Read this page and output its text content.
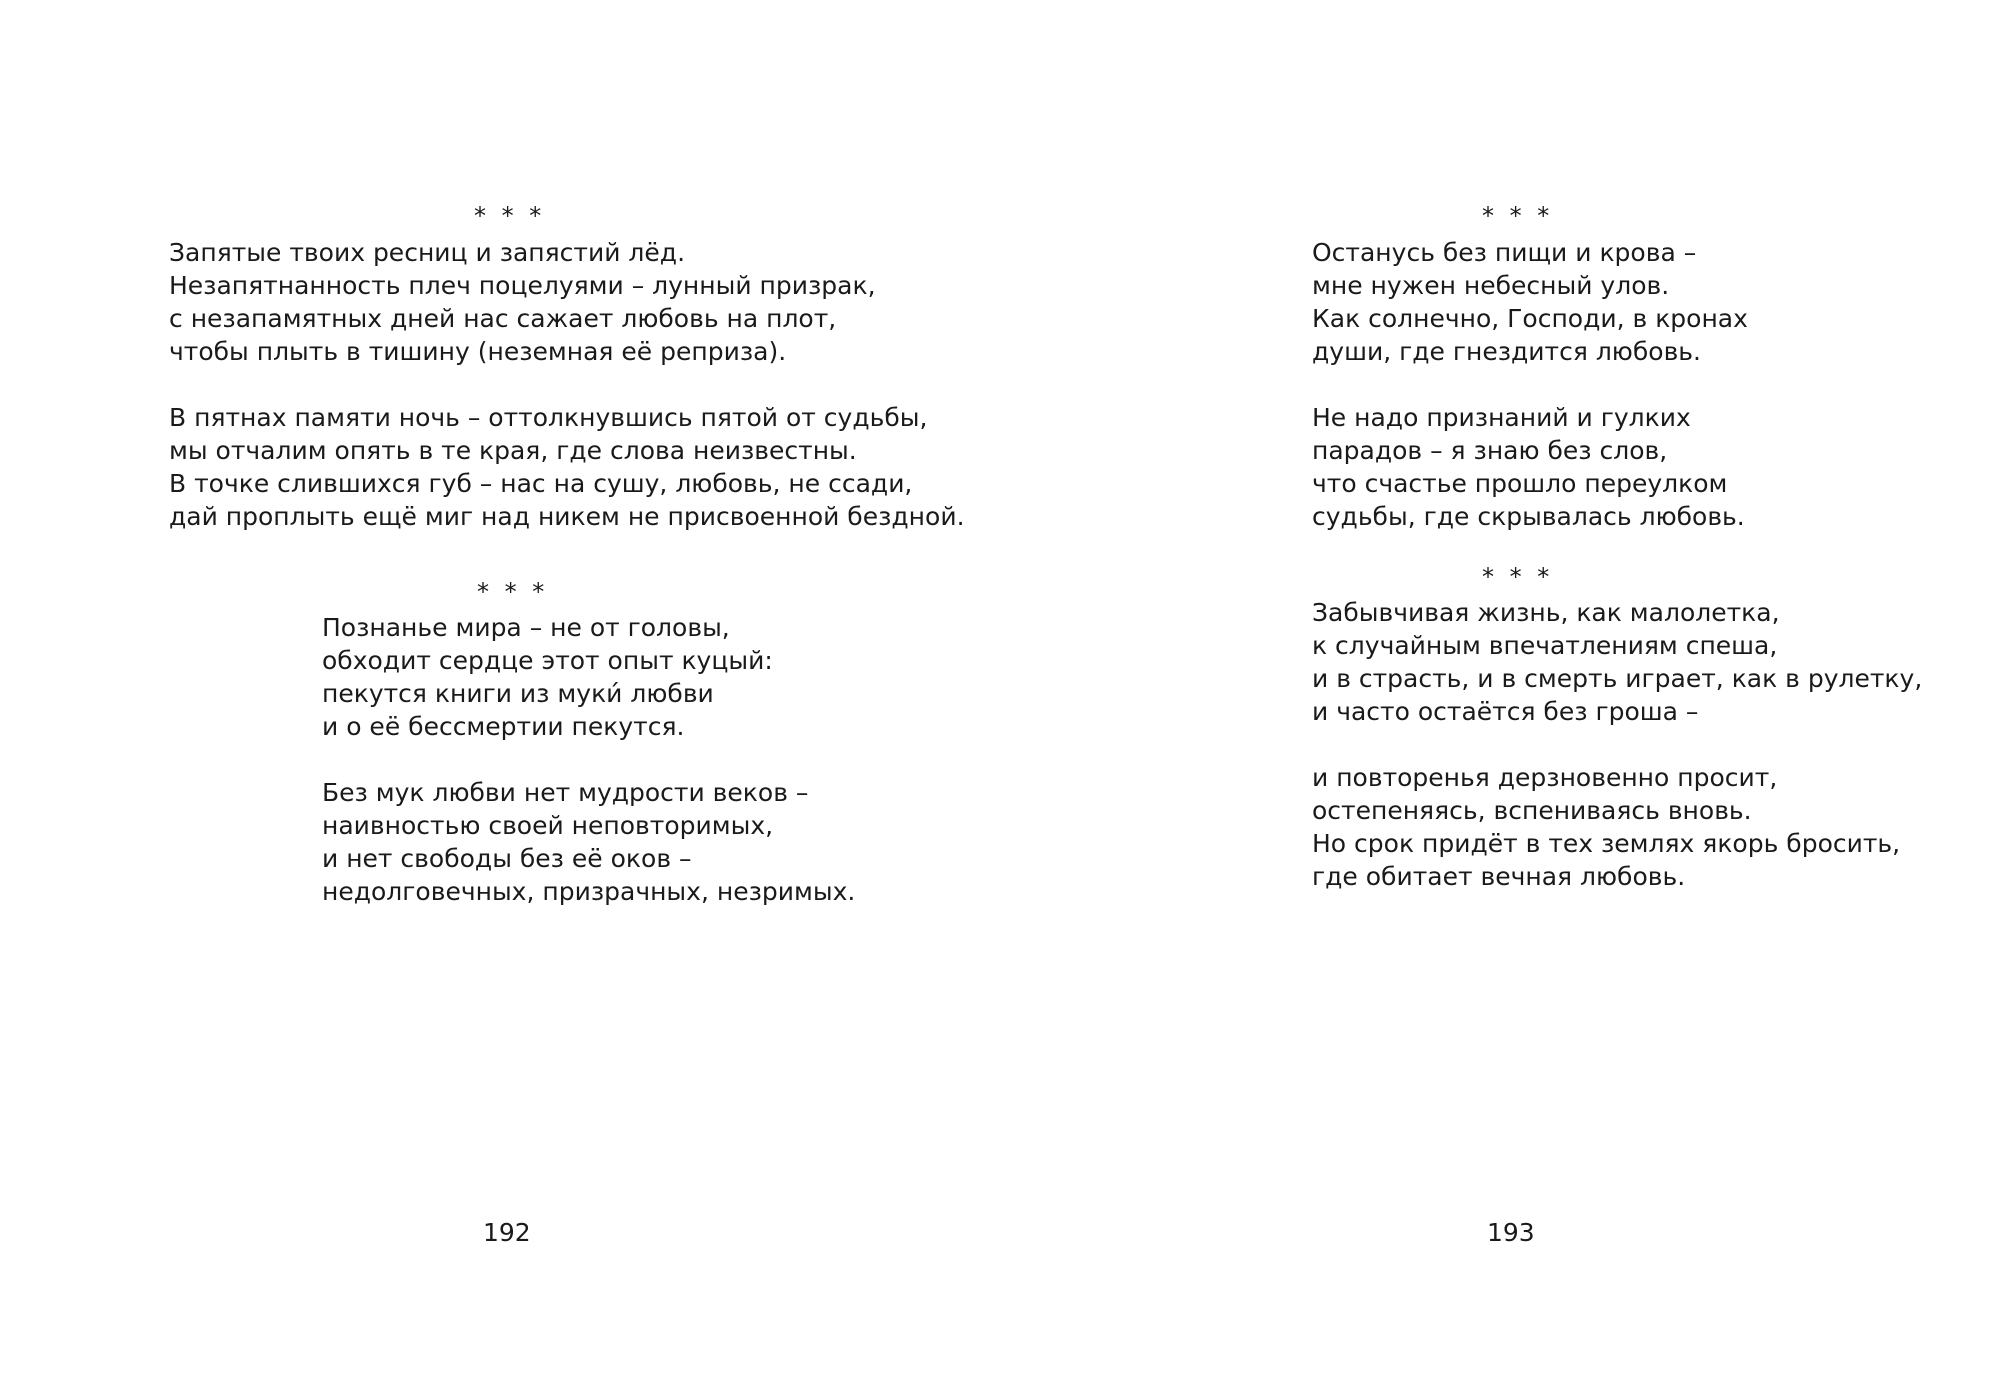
* * *
Запятые твоих ресниц и запястий лёд.
Незапятнанность плеч поцелуями – лунный призрак,
с незапамятных дней нас сажает любовь на плот,
чтобы плыть в тишину (неземная её реприза).
В пятнах памяти ночь – оттолкнувшись пятой от судьбы,
мы отчалим опять в те края, где слова неизвестны.
В точке слившихся губ – нас на сушу, любовь, не ссади,
дай проплыть ещё миг над никем не присвоенной бездной.
* * *
Познанье мира – не от головы,
обходит сердце этот опыт куцый:
пекутся книги из муки́ любви
и о её бессмертии пекутся.
Без мук любви нет мудрости веков –
наивностью своей неповторимых,
и нет свободы без её оков –
недолговечных, призрачных, незримых.
192
* * *
Останусь без пищи и крова –
мне нужен небесный улов.
Как солнечно, Господи, в кронах
души, где гнездится любовь.
Не надо признаний и гулких
парадов – я знаю без слов,
что счастье прошло переулком
судьбы, где скрывалась любовь.
* * *
Забывчивая жизнь, как малолетка,
к случайным впечатлениям спеша,
и в страсть, и в смерть играет, как в рулетку,
и часто остаётся без гроша –
и повторенья дерзновенно просит,
остепеняясь, вспениваясь вновь.
Но срок придёт в тех землях якорь бросить,
где обитает вечная любовь.
193
